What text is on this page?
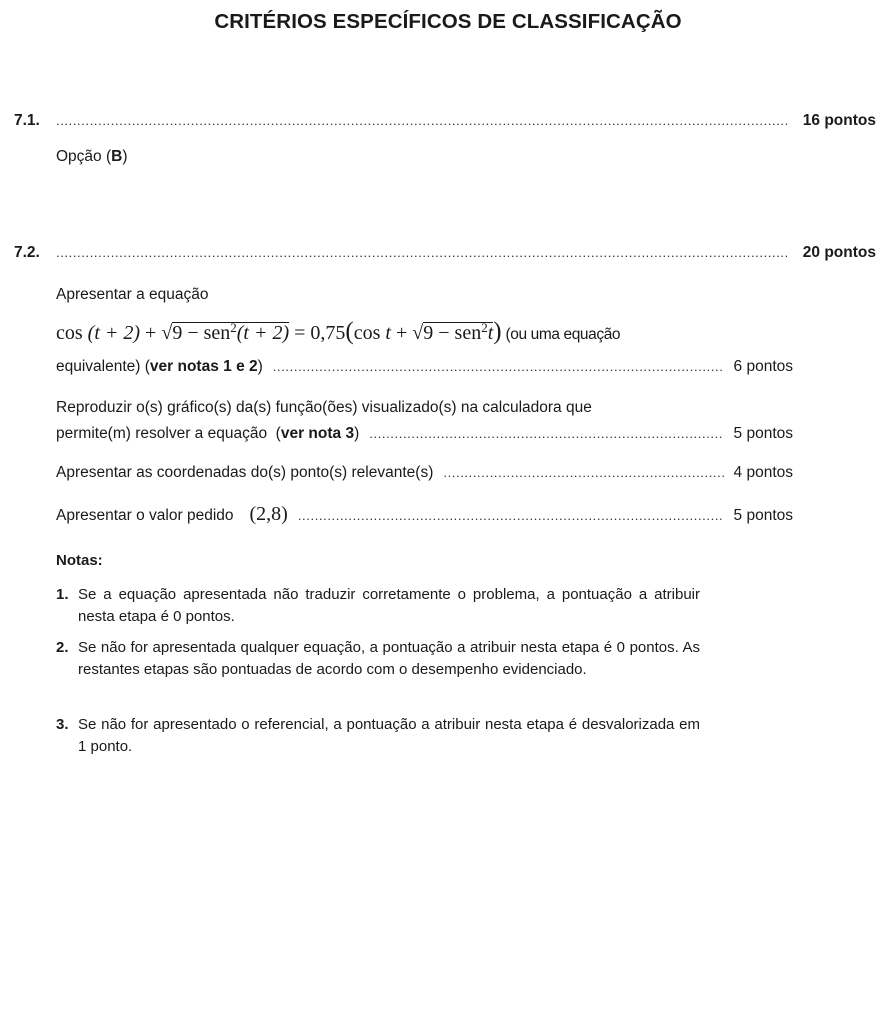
CRITÉRIOS ESPECÍFICOS DE CLASSIFICAÇÃO
7.1. .....	16 pontos
Opção (B)
7.2. .....	20 pontos
Apresentar a equação
cos (t + 2) + √9 − sen$^2$(t + 2) = 0,75(cos t + √9 − sen$^2$t) (ou uma equação
equivalente) (ver notas 1 e 2) .....	6 pontos
Reproduzir o(s) gráfico(s) da(s) função(ões) visualizado(s) na calculadora que
permite(m) resolver a equação  (ver nota 3) .....	5 pontos
Apresentar as coordenadas do(s) ponto(s) relevante(s) .....	4 pontos
Apresentar o valor pedido (2,8) .....	5 pontos
Notas:
1. Se a equação apresentada não traduzir corretamente o problema, a pontuação a atribuir nesta etapa é 0 pontos.
2. Se não for apresentada qualquer equação, a pontuação a atribuir nesta etapa é 0 pontos. As restantes etapas são pontuadas de acordo com o desempenho evidenciado.
3. Se não for apresentado o referencial, a pontuação a atribuir nesta etapa é desvalorizada em 1 ponto.
